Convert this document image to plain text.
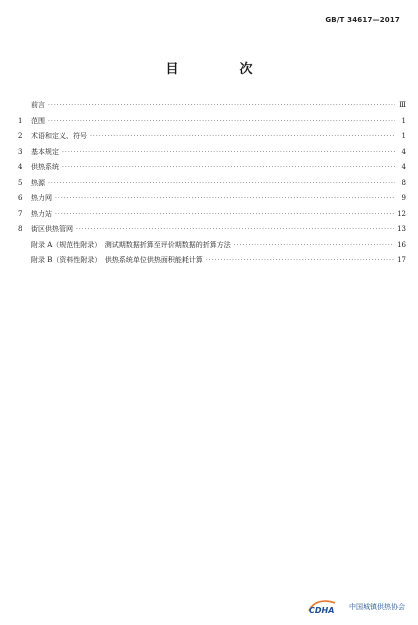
GB/T 34617—2017
目　次
前言 ·····	Ⅲ
1	范围 ·····	1
2	术语和定义、符号 ·····	1
3	基本规定 ·····	4
4	供热系统 ·····	4
5	热源 ·····	8
6	热力网 ·····	9
7	热力站 ·····	12
8	街区供热管网 ·····	13
附录 A（规范性附录）　测试期数据折算至评价期数据的折算方法 ·····	16
附录 B（资料性附录）　供热系统单位供热面积能耗计算 ·····	17
CDHA 中国城镇供热协会
